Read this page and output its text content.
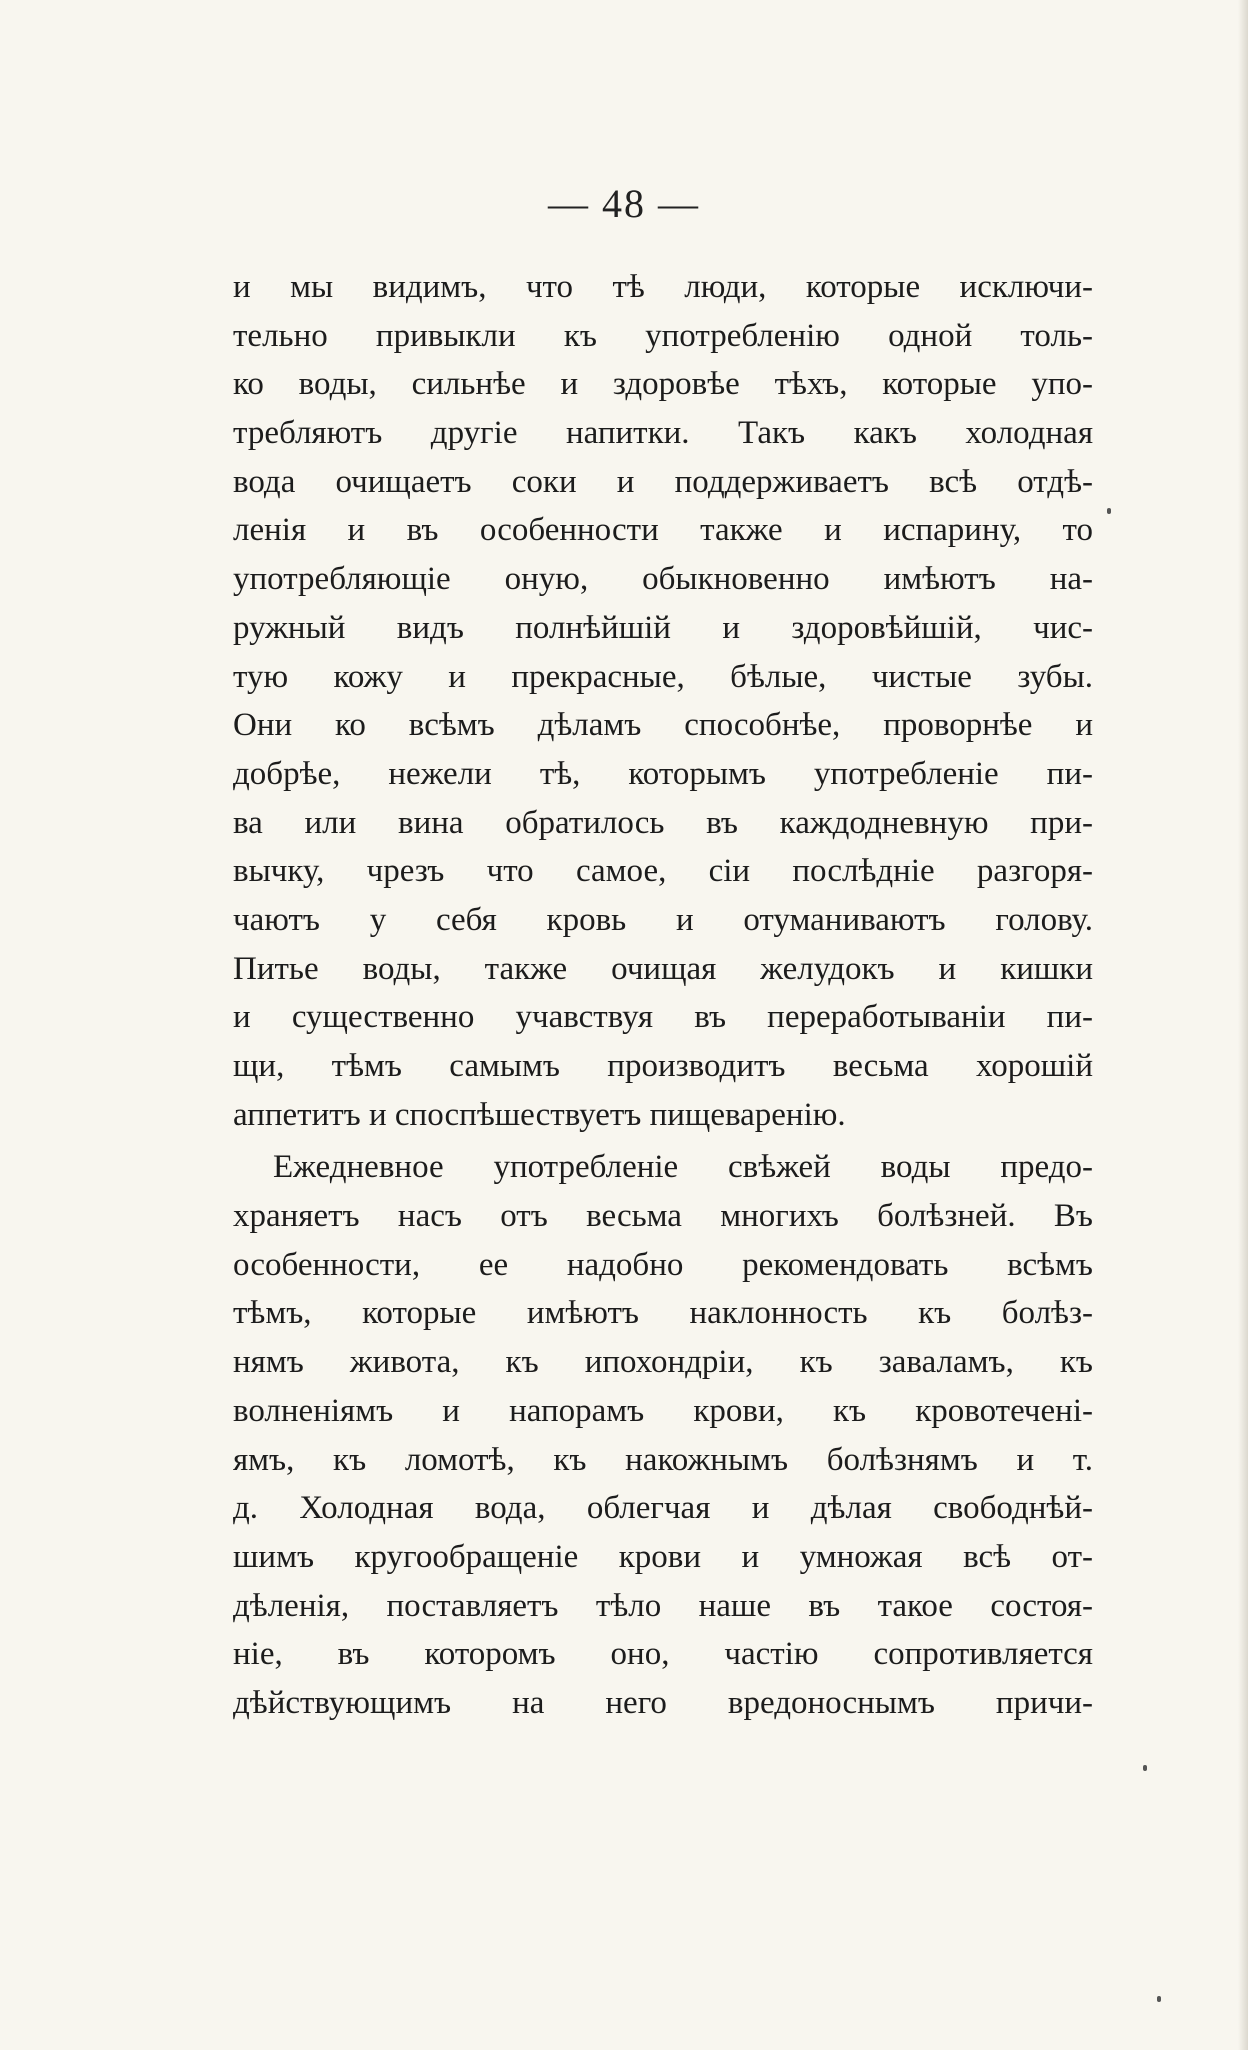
— 48 —
и мы видимъ, что тѣ люди, которые исключи-
тельно привыкли къ употребленію одной толь-
ко воды, сильнѣе и здоровѣе тѣхъ, которые упо-
требляютъ другіе напитки. Такъ какъ холодная
вода очищаетъ соки и поддерживаетъ всѣ отдѣ-
ленія и въ особенности также и испарину, то
употребляющіе оную, обыкновенно имѣютъ на-
ружный видъ полнѣйшій и здоровѣйшій, чис-
тую кожу и прекрасные, бѣлые, чистые зубы.
Они ко всѣмъ дѣламъ способнѣе, проворнѣе и
добрѣе, нежели тѣ, которымъ употребленіе пи-
ва или вина обратилось въ каждодневную при-
вычку, чрезъ что самое, сіи послѣдніе разгоря-
чаютъ у себя кровь и отуманиваютъ голову.
Питье воды, также очищая желудокъ и кишки
и существенно учавствуя въ переработываніи пи-
щи, тѣмъ самымъ производитъ весьма хорошій
аппетитъ и споспѣшествуетъ пищеваренію.
Ежедневное употребленіе свѣжей воды предо-
храняетъ насъ отъ весьма многихъ болѣзней. Въ
особенности, ее надобно рекомендовать всѣмъ
тѣмъ, которые имѣютъ наклонность къ болѣз-
нямъ живота, къ ипохондріи, къ заваламъ, къ
волненіямъ и напорамъ крови, къ кровотеченi-
ямъ, къ ломотѣ, къ накожнымъ болѣзнямъ и т.
д. Холодная вода, облегчая и дѣлая свободнѣй-
шимъ кругообращеніе крови и умножая всѣ от-
дѣленія, поставляетъ тѣло наше въ такое состоя-
ніе, въ которомъ оно, частію сопротивляется
дѣйствующимъ на него вредоноснымъ причи-
